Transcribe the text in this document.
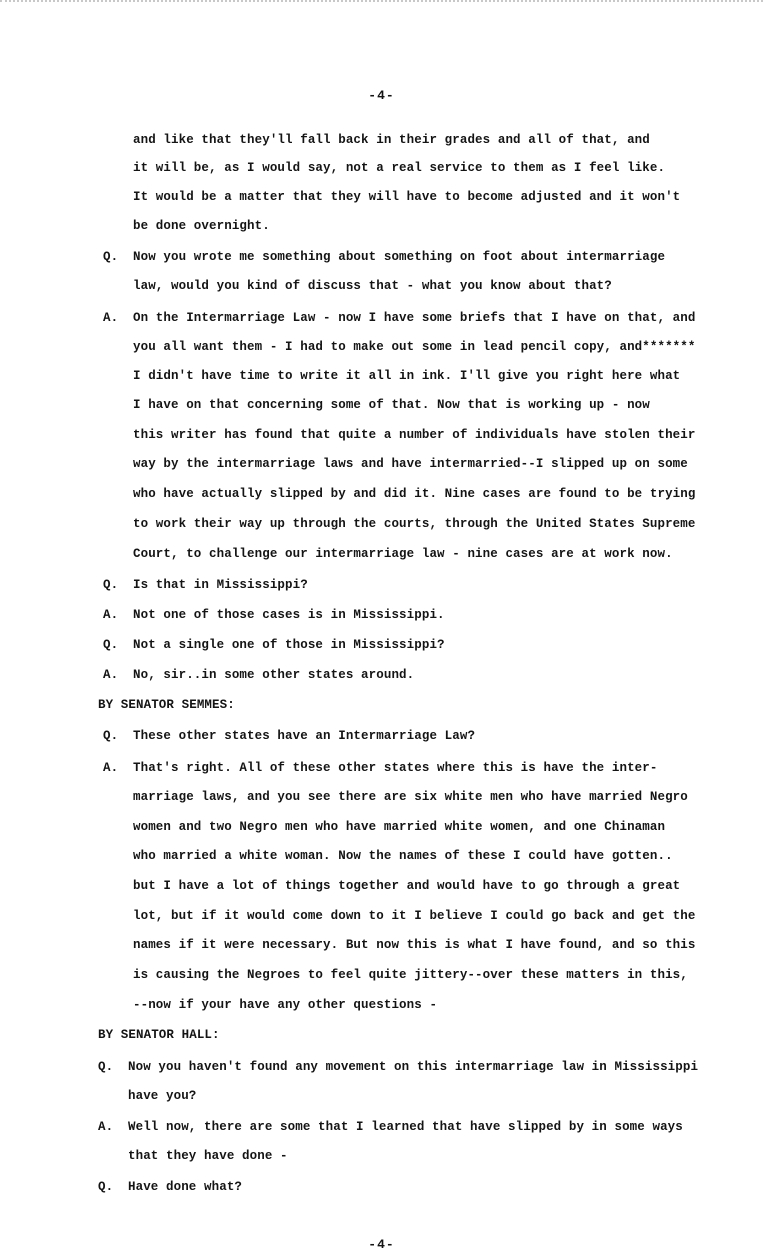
-4-
and like that they'll fall back in their grades and all of that, and
it will be, as I would say, not a real service to them as I feel like.
It would be a matter that they will have to become adjusted and it won't
be done overnight.
Q. Now you wrote me something about something on foot about intermarriage
law, would you kind of discuss that - what you know about that?
A. On the Intermarriage Law - now I have some briefs that I have on that, and
you all want them - I had to make out some in lead pencil copy, and*******
I didn't have time to write it all in ink. I'll give you right here what
I have on that concerning some of that. Now that is working up - now
this writer has found that quite a number of individuals have stolen their
way by the intermarriage laws and have intermarried--I slipped up on some
who have actually slipped by and did it. Nine cases are found to be trying
to work their way up through the courts, through the United States Supreme
Court, to challenge our intermarriage law - nine cases are at work now.
Q. Is that in Mississippi?
A. Not one of those cases is in Mississippi.
Q. Not a single one of those in Mississippi?
A. No, sir..in some other states around.
BY SENATOR SEMMES:
Q. These other states have an Intermarriage Law?
A. That's right. All of these other states where this is have the inter-
marriage laws, and you see there are six white men who have married Negro
women and two Negro men who have married white women, and one Chinaman
who married a white woman. Now the names of these I could have gotten..
but I have a lot of things together and would have to go through a great
lot, but if it would come down to it I believe I could go back and get the
names if it were necessary. But now this is what I have found, and so this
is causing the Negroes to feel quite jittery--over these matters in this,
--now if your have any other questions -
BY SENATOR HALL:
Q. Now you haven't found any movement on this intermarriage law in Mississippi
have you?
A. Well now, there are some that I learned that have slipped by in some ways
that they have done -
Q. Have done what?
-4-
